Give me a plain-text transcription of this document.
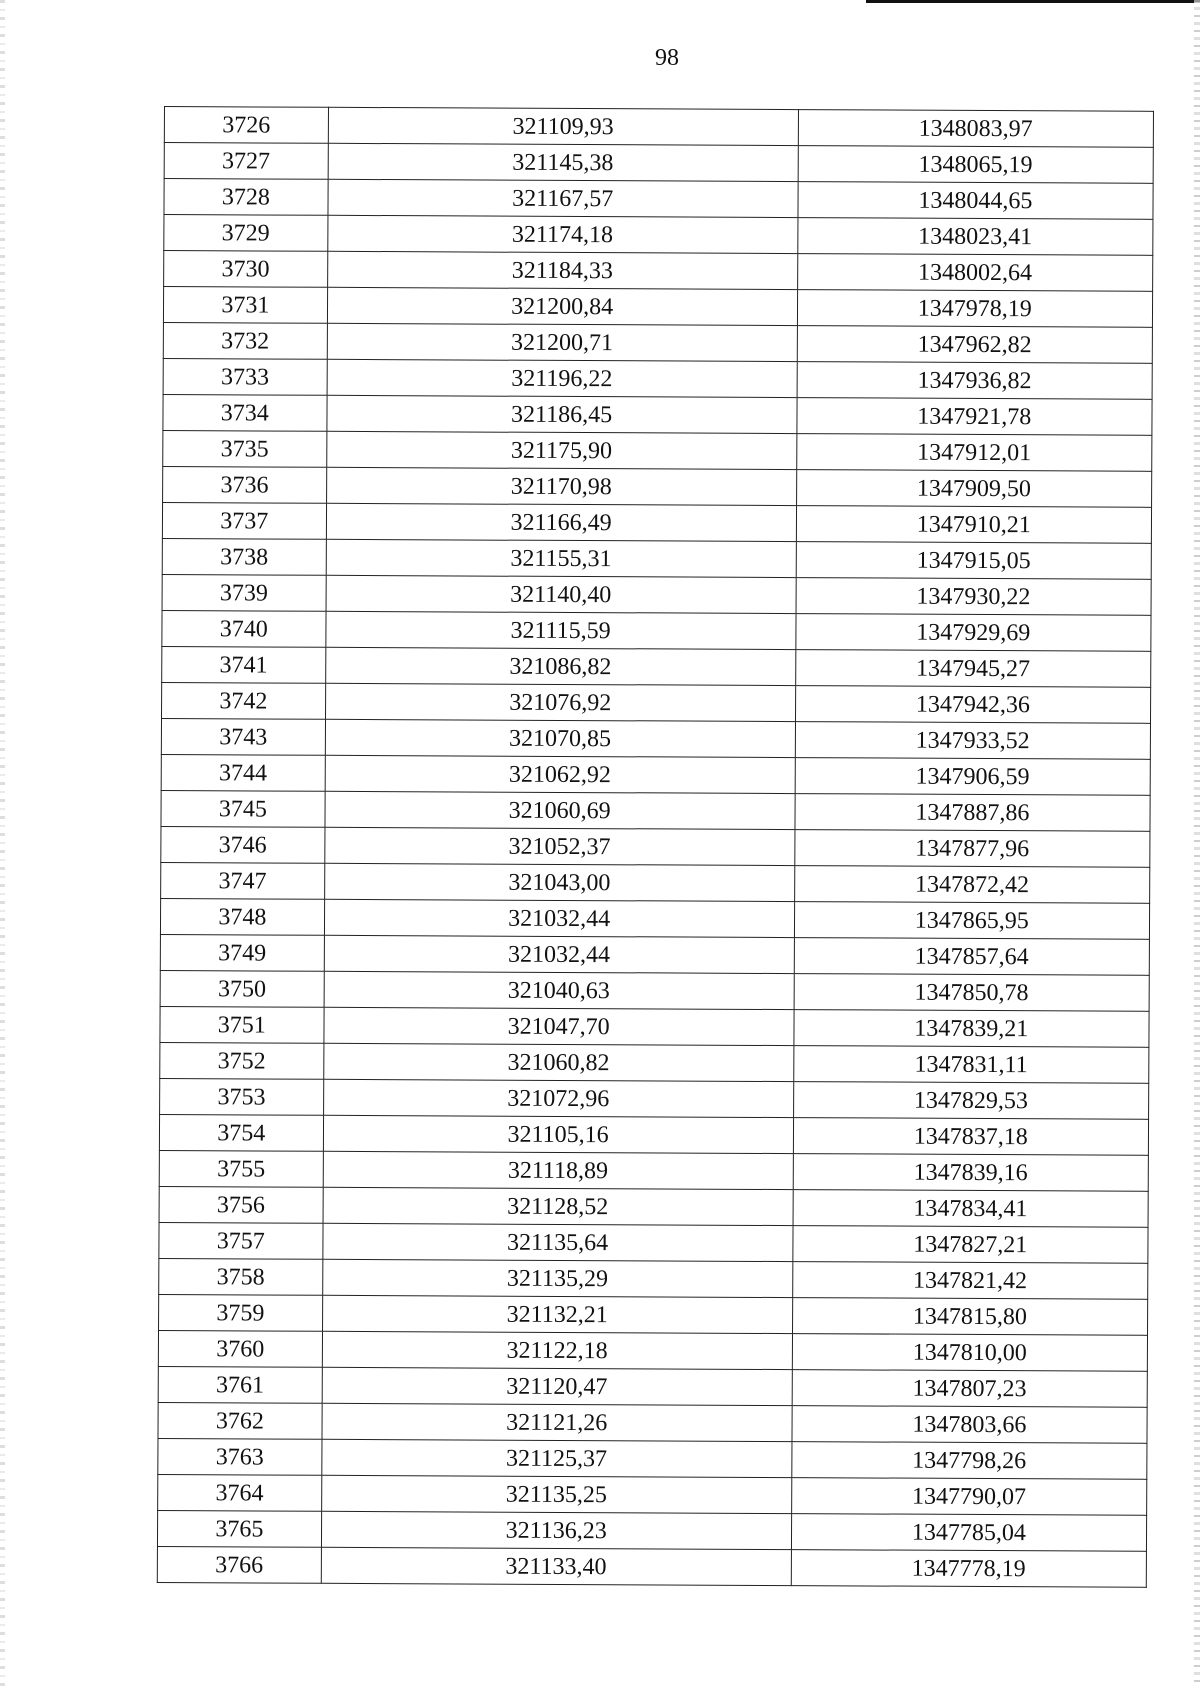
98
3726	321109,93	1348083,97
3727	321145,38	1348065,19
3728	321167,57	1348044,65
3729	321174,18	1348023,41
3730	321184,33	1348002,64
3731	321200,84	1347978,19
3732	321200,71	1347962,82
3733	321196,22	1347936,82
3734	321186,45	1347921,78
3735	321175,90	1347912,01
3736	321170,98	1347909,50
3737	321166,49	1347910,21
3738	321155,31	1347915,05
3739	321140,40	1347930,22
3740	321115,59	1347929,69
3741	321086,82	1347945,27
3742	321076,92	1347942,36
3743	321070,85	1347933,52
3744	321062,92	1347906,59
3745	321060,69	1347887,86
3746	321052,37	1347877,96
3747	321043,00	1347872,42
3748	321032,44	1347865,95
3749	321032,44	1347857,64
3750	321040,63	1347850,78
3751	321047,70	1347839,21
3752	321060,82	1347831,11
3753	321072,96	1347829,53
3754	321105,16	1347837,18
3755	321118,89	1347839,16
3756	321128,52	1347834,41
3757	321135,64	1347827,21
3758	321135,29	1347821,42
3759	321132,21	1347815,80
3760	321122,18	1347810,00
3761	321120,47	1347807,23
3762	321121,26	1347803,66
3763	321125,37	1347798,26
3764	321135,25	1347790,07
3765	321136,23	1347785,04
3766	321133,40	1347778,19
